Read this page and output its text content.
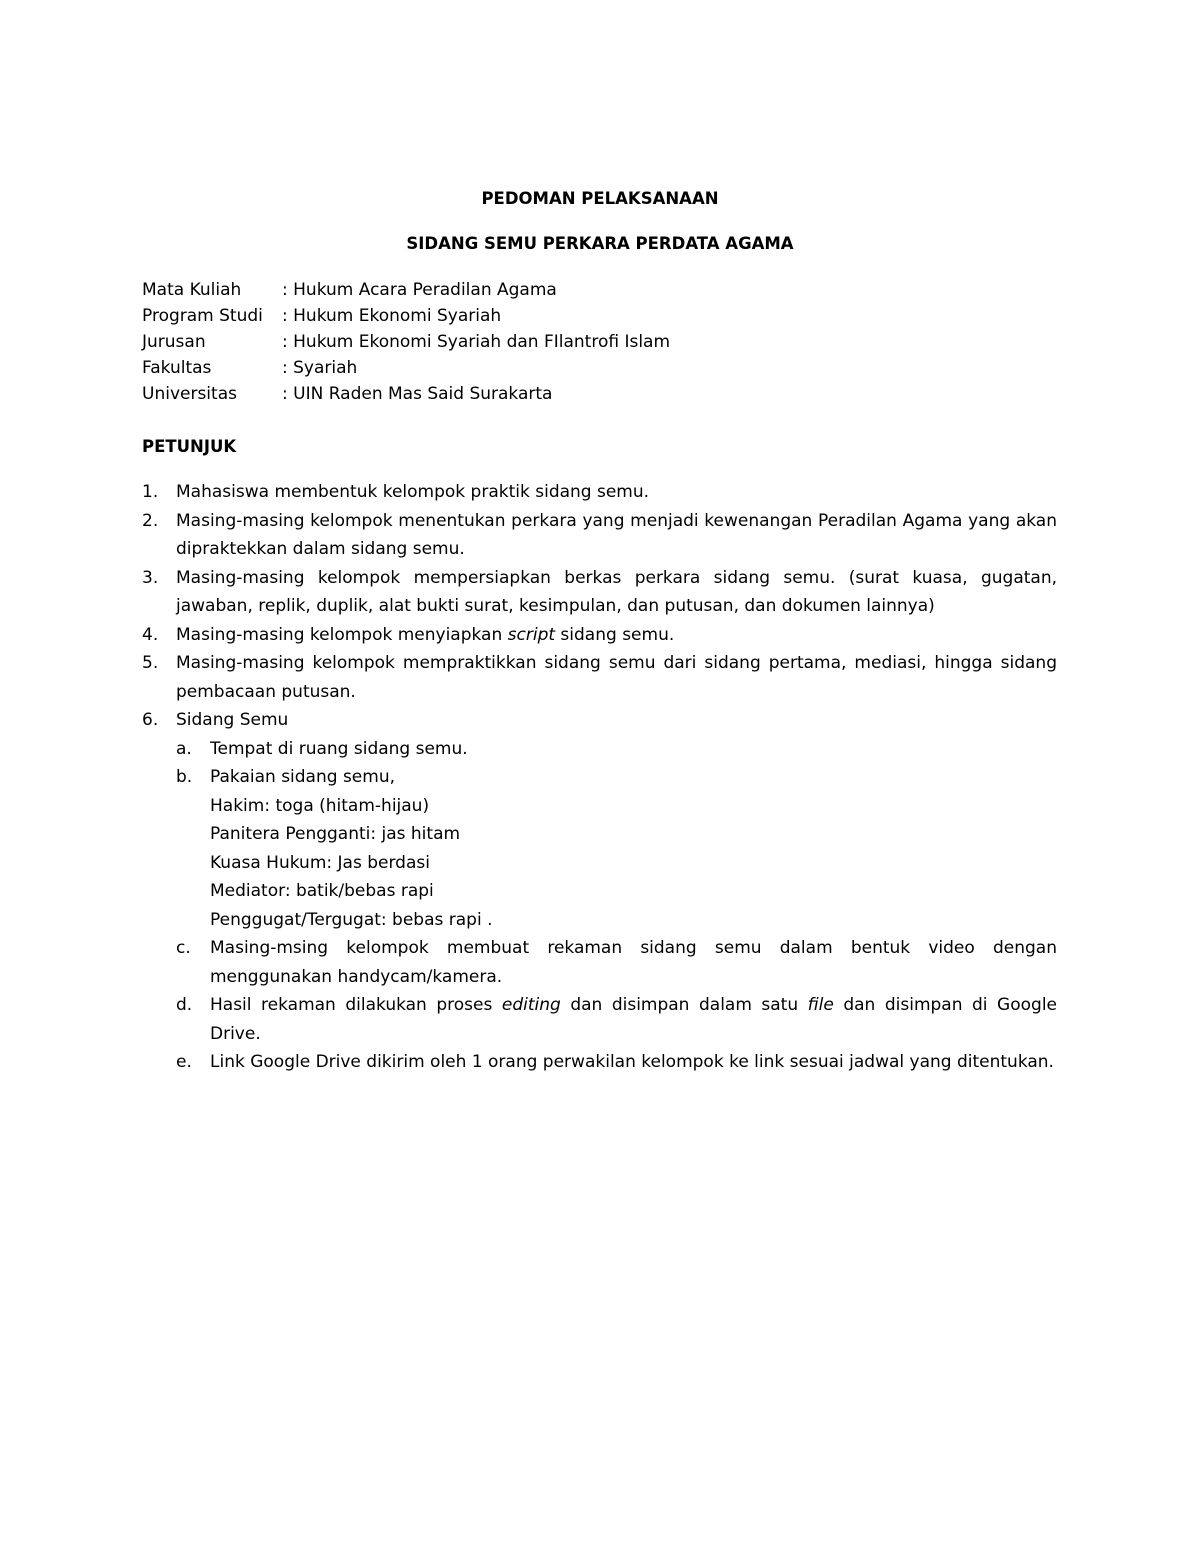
PEDOMAN PELAKSANAAN
SIDANG SEMU PERKARA PERDATA AGAMA
Mata Kuliah : Hukum Acara Peradilan Agama
Program Studi : Hukum Ekonomi Syariah
Jurusan	: Hukum Ekonomi Syariah dan FIlantrofi Islam
Fakultas	: Syariah
Universitas	: UIN Raden Mas Said Surakarta
PETUNJUK
1. Mahasiswa membentuk kelompok praktik sidang semu.
2. Masing-masing kelompok menentukan perkara yang menjadi kewenangan Peradilan Agama yang akan dipraktekkan dalam sidang semu.
3. Masing-masing kelompok mempersiapkan berkas perkara sidang semu. (surat kuasa, gugatan, jawaban, replik, duplik, alat bukti surat, kesimpulan, dan putusan, dan dokumen lainnya)
4. Masing-masing kelompok menyiapkan script sidang semu.
5. Masing-masing kelompok mempraktikkan sidang semu dari sidang pertama, mediasi, hingga sidang pembacaan putusan.
6. Sidang Semu
a. Tempat di ruang sidang semu.
b. Pakaian sidang semu,
Hakim: toga (hitam-hijau)
Panitera Pengganti: jas hitam
Kuasa Hukum: Jas berdasi
Mediator: batik/bebas rapi
Penggugat/Tergugat: bebas rapi .
c. Masing-msing kelompok membuat rekaman sidang semu dalam bentuk video dengan menggunakan handycam/kamera.
d. Hasil rekaman dilakukan proses editing dan disimpan dalam satu file dan disimpan di Google Drive.
e. Link Google Drive dikirim oleh 1 orang perwakilan kelompok ke link sesuai jadwal yang ditentukan.
